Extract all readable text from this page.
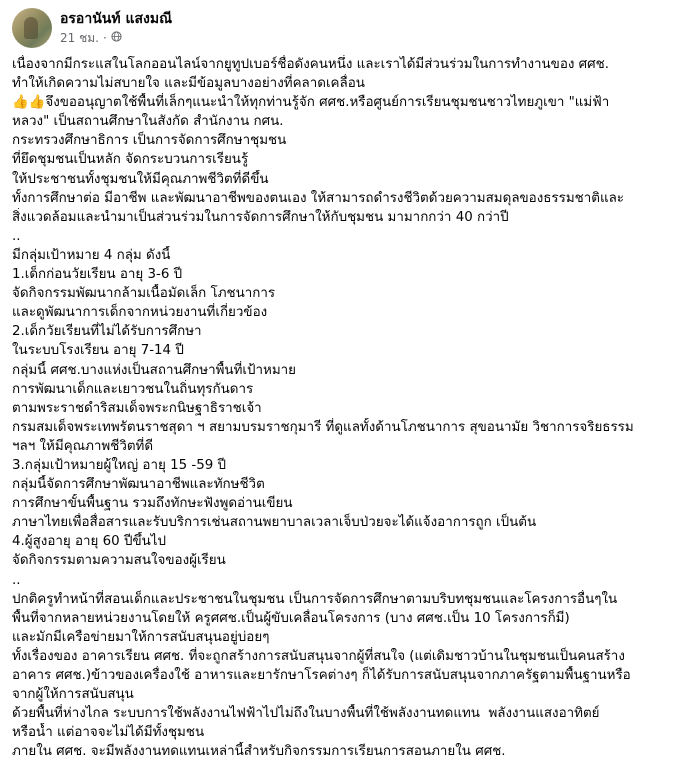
อรอานันท์ แสงมณี
21 ชม. ·
เนื่องจากมีกระแสในโลกออนไลน์จากยูทูปเบอร์ชื่อดังคนหนึ่ง และเราได้มีส่วนร่วมในการทำงานของ ศศช.
ทำให้เกิดความไม่สบายใจ และมีข้อมูลบางอย่างที่คลาดเคลื่อน
👍👍จึงขออนุญาตใช้พื้นที่เล็กๆแนะนำให้ทุกท่านรู้จัก ศศช.หรือศูนย์การเรียนชุมชนชาวไทยภูเขา "แม่ฟ้า
หลวง" เป็นสถานศึกษาในสังกัด สำนักงาน กศน.
กระทรวงศึกษาธิการ เป็นการจัดการศึกษาชุมชน
ที่ยึดชุมชนเป็นหลัก จัดกระบวนการเรียนรู้
ให้ประชาชนทั้งชุมชนให้มีคุณภาพชีวิตที่ดีขึ้น
ทั้งการศึกษาต่อ มีอาชีพ และพัฒนาอาชีพของตนเอง ให้สามารถดำรงชีวิตด้วยความสมดุลของธรรมชาติและ
สิ่งแวดล้อมและนำมาเป็นส่วนร่วมในการจัดการศึกษาให้กับชุมชน มามากกว่า 40 กว่าปี
..
มีกลุ่มเป้าหมาย 4 กลุ่ม ดังนี้
1.เด็กก่อนวัยเรียน อายุ 3-6 ปี
จัดกิจกรรมพัฒนากล้ามเนื้อมัดเล็ก โภชนาการ
และดูพัฒนาการเด็กจากหน่วยงานที่เกี่ยวข้อง
2.เด็กวัยเรียนที่ไม่ได้รับการศึกษา
ในระบบโรงเรียน อายุ 7-14 ปี
กลุ่มนี้ ศศช.บางแห่งเป็นสถานศึกษาพื้นที่เป้าหมาย
การพัฒนาเด็กและเยาวชนในถิ่นทุรกันดาร
ตามพระราชดำริสมเด็จพระกนิษฐาธิราชเจ้า
กรมสมเด็จพระเทพรัตนราชสุดา ฯ สยามบรมราชกุมารี ที่ดูแลทั้งด้านโภชนาการ สุขอนามัย วิชาการจริยธรรม
ฯลฯ ให้มีคุณภาพชีวิตที่ดี
3.กลุ่มเป้าหมายผู้ใหญ่ อายุ 15 -59 ปี
กลุ่มนี้จัดการศึกษาพัฒนาอาชีพและทักษชีวิต
การศึกษาขั้นพื้นฐาน รวมถึงทักษะฟังพูดอ่านเขียน
ภาษาไทยเพื่อสื่อสารและรับบริการเช่นสถานพยาบาลเวลาเจ็บป่วยจะได้แจ้งอาการถูก เป็นต้น
4.ผู้สูงอายุ อายุ 60 ปีขึ้นไป
จัดกิจกรรมตามความสนใจของผู้เรียน
..
ปกติครูทำหน้าที่สอนเด็กและประชาชนในชุมชน เป็นการจัดการศึกษาตามบริบทชุมชนและโครงการอื่นๆใน
พื้นที่จากหลายหน่วยงานโดยให้ ครูศศช.เป็นผู้ขับเคลื่อนโครงการ (บาง ศศช.เป็น 10 โครงการก็มี)
และมักมีเครือข่ายมาให้การสนับสนุนอยู่บ่อยๆ
ทั้งเรื่องของ อาคารเรียน ศศช. ที่จะถูกสร้างการสนับสนุนจากผู้ที่สนใจ (แต่เดิมชาวบ้านในชุมชนเป็นคนสร้าง
อาคาร ศศช.)ข้าวของเครื่องใช้ อาหารและยารักษาโรคต่างๆ ก็ได้รับการสนับสนุนจากภาครัฐตามพื้นฐานหรือ
จากผู้ให้การสนับสนุน
ด้วยพื้นที่ห่างไกล ระบบการใช้พลังงานไฟฟ้าไปไม่ถึงในบางพื้นที่ใช้พลังงานทดแทน  พลังงานแสงอาทิตย์
หรือน้ำ แต่อาจจะไม่ได้มีทั้งชุมชน
ภายใน ศศช. จะมีพลังงานทดแทนเหล่านี้สำหรับกิจกรรมการเรียนการสอนภายใน ศศช.
